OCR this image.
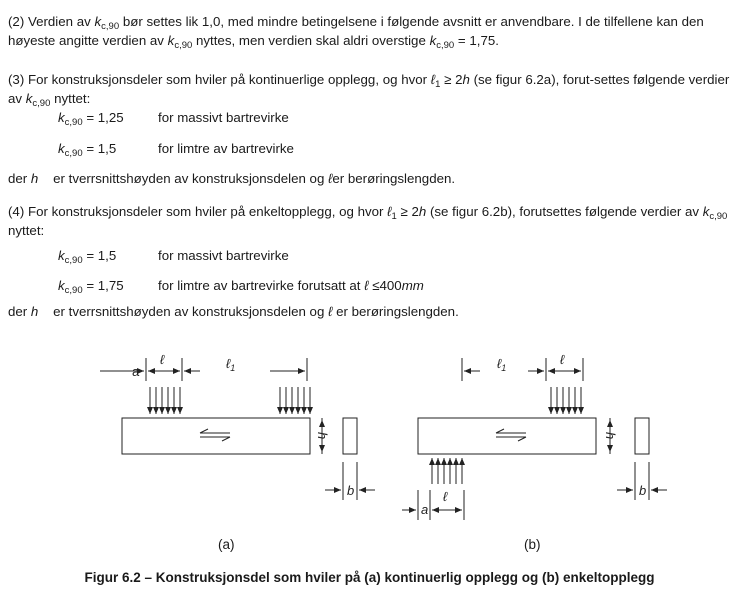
(2) Verdien av $k_{c,90}$ bør settes lik 1,0, med mindre betingelsene i følgende avsnitt er anvendbare. I de tilfellene kan den høyeste angitte verdien av $k_{c,90}$ nyttes, men verdien skal aldri overstige $k_{c,90} = 1,75$.

(3) For konstruksjonsdeler som hviler på kontinuerlige opplegg, og hvor ℓ$_1$ ≥ 2h (se figur 6.2a), forut-settes følgende verdier av $k_{c,90}$ nyttet:

$k_{c,90} = 1,25$	for massivt bartrevirke
$k_{c,90} = 1,5$	for limtre av bartrevirke
der h er tverrsnittshøyden av konstruksjonsdelen og ℓer berøringslengden.

(4) For konstruksjonsdeler som hviler på enkeltopplegg, og hvor ℓ$_1$ ≥ 2h (se figur 6.2b), forutsettes følgende verdier av $k_{c,90}$ nyttet:

$k_{c,90} = 1,5$	for massivt bartrevirke
$k_{c,90} = 1,75$	for limtre av bartrevirke forutsatt at ℓ ≤400mm
der h er tverrsnittshøyden av konstruksjonsdelen og ℓ er berøringslengden.
a
ℓ	ℓ$_1$
h
b
ℓ$_1$
ℓ
h
b
a
ℓ
(a)	(b)
Figur 6.2 – Konstruksjonsdel som hviler på (a) kontinuerlig opplegg og (b) enkeltopplegg
